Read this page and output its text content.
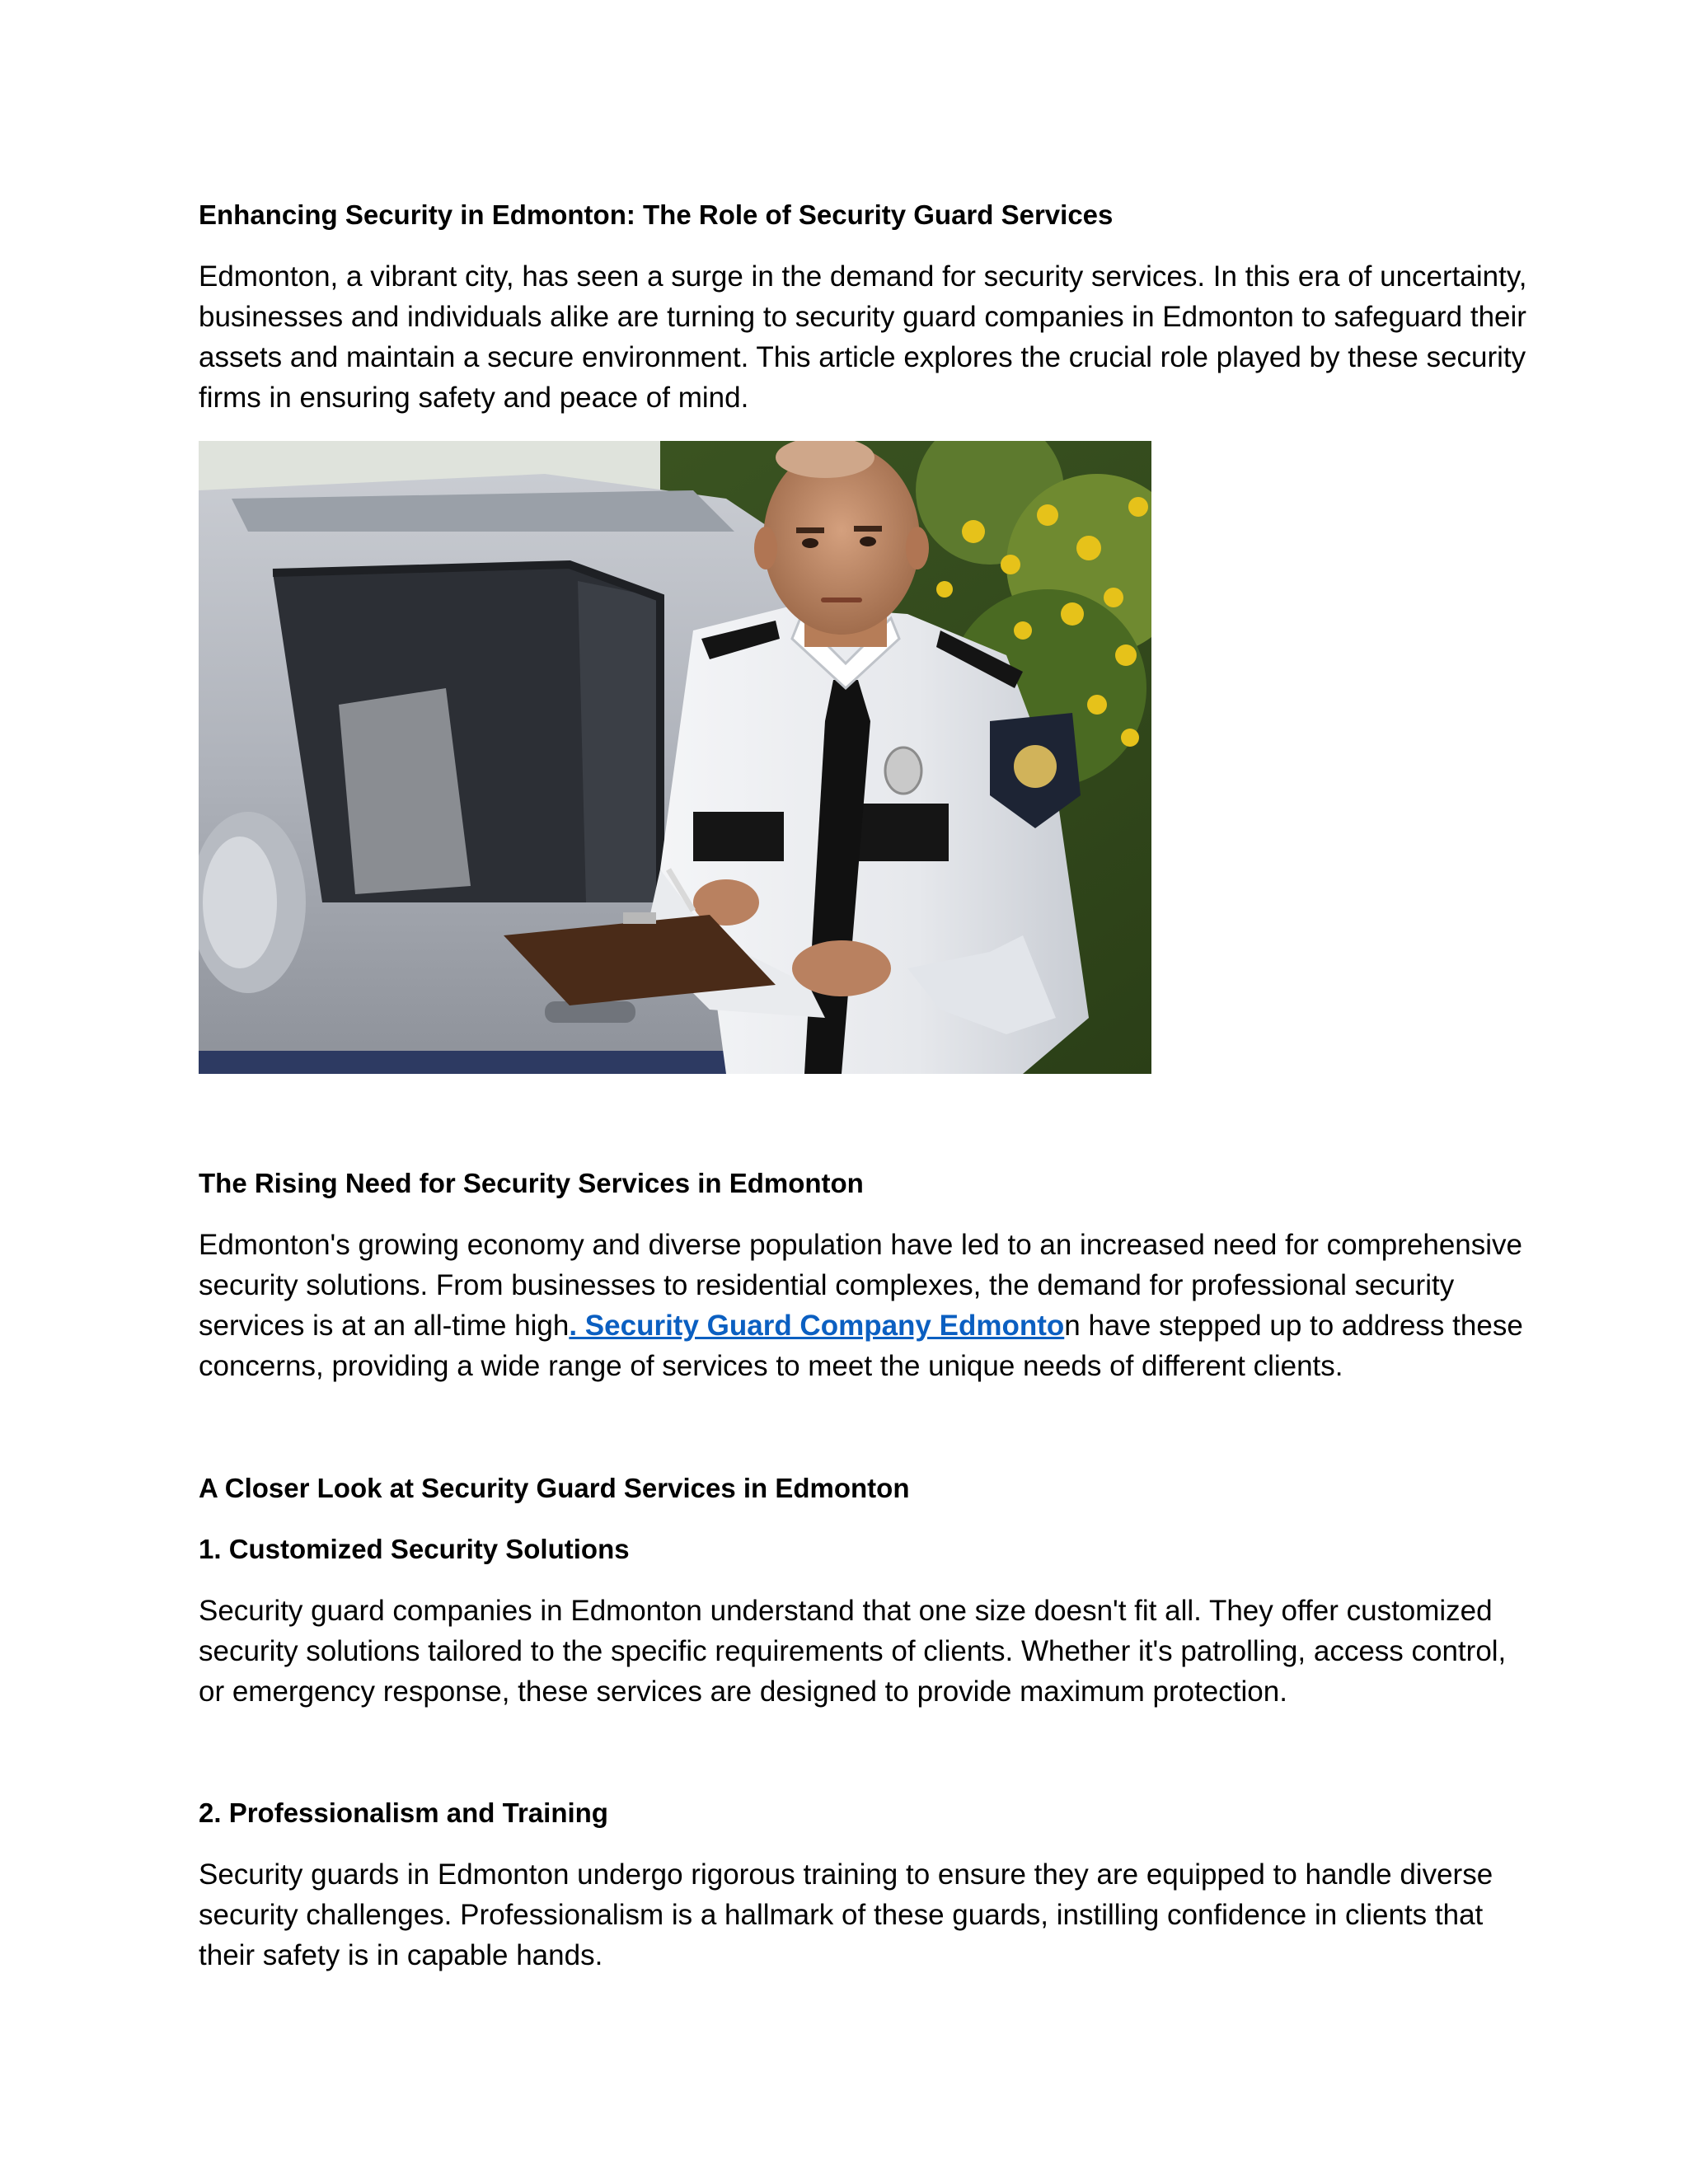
Enhancing Security in Edmonton: The Role of Security Guard Services
Edmonton, a vibrant city, has seen a surge in the demand for security services. In this era of uncertainty,
businesses and individuals alike are turning to security guard companies in Edmonton to safeguard their
assets and maintain a secure environment. This article explores the crucial role played by these security
firms in ensuring safety and peace of mind.
The Rising Need for Security Services in Edmonton
Edmonton's growing economy and diverse population have led to an increased need for comprehensive
security solutions. From businesses to residential complexes, the demand for professional security
services is at an all-time high. Security Guard Company Edmonton have stepped up to address these
concerns, providing a wide range of services to meet the unique needs of different clients.
A Closer Look at Security Guard Services in Edmonton
1. Customized Security Solutions
Security guard companies in Edmonton understand that one size doesn't fit all. They offer customized
security solutions tailored to the specific requirements of clients. Whether it's patrolling, access control,
or emergency response, these services are designed to provide maximum protection.
2. Professionalism and Training
Security guards in Edmonton undergo rigorous training to ensure they are equipped to handle diverse
security challenges. Professionalism is a hallmark of these guards, instilling confidence in clients that
their safety is in capable hands.
